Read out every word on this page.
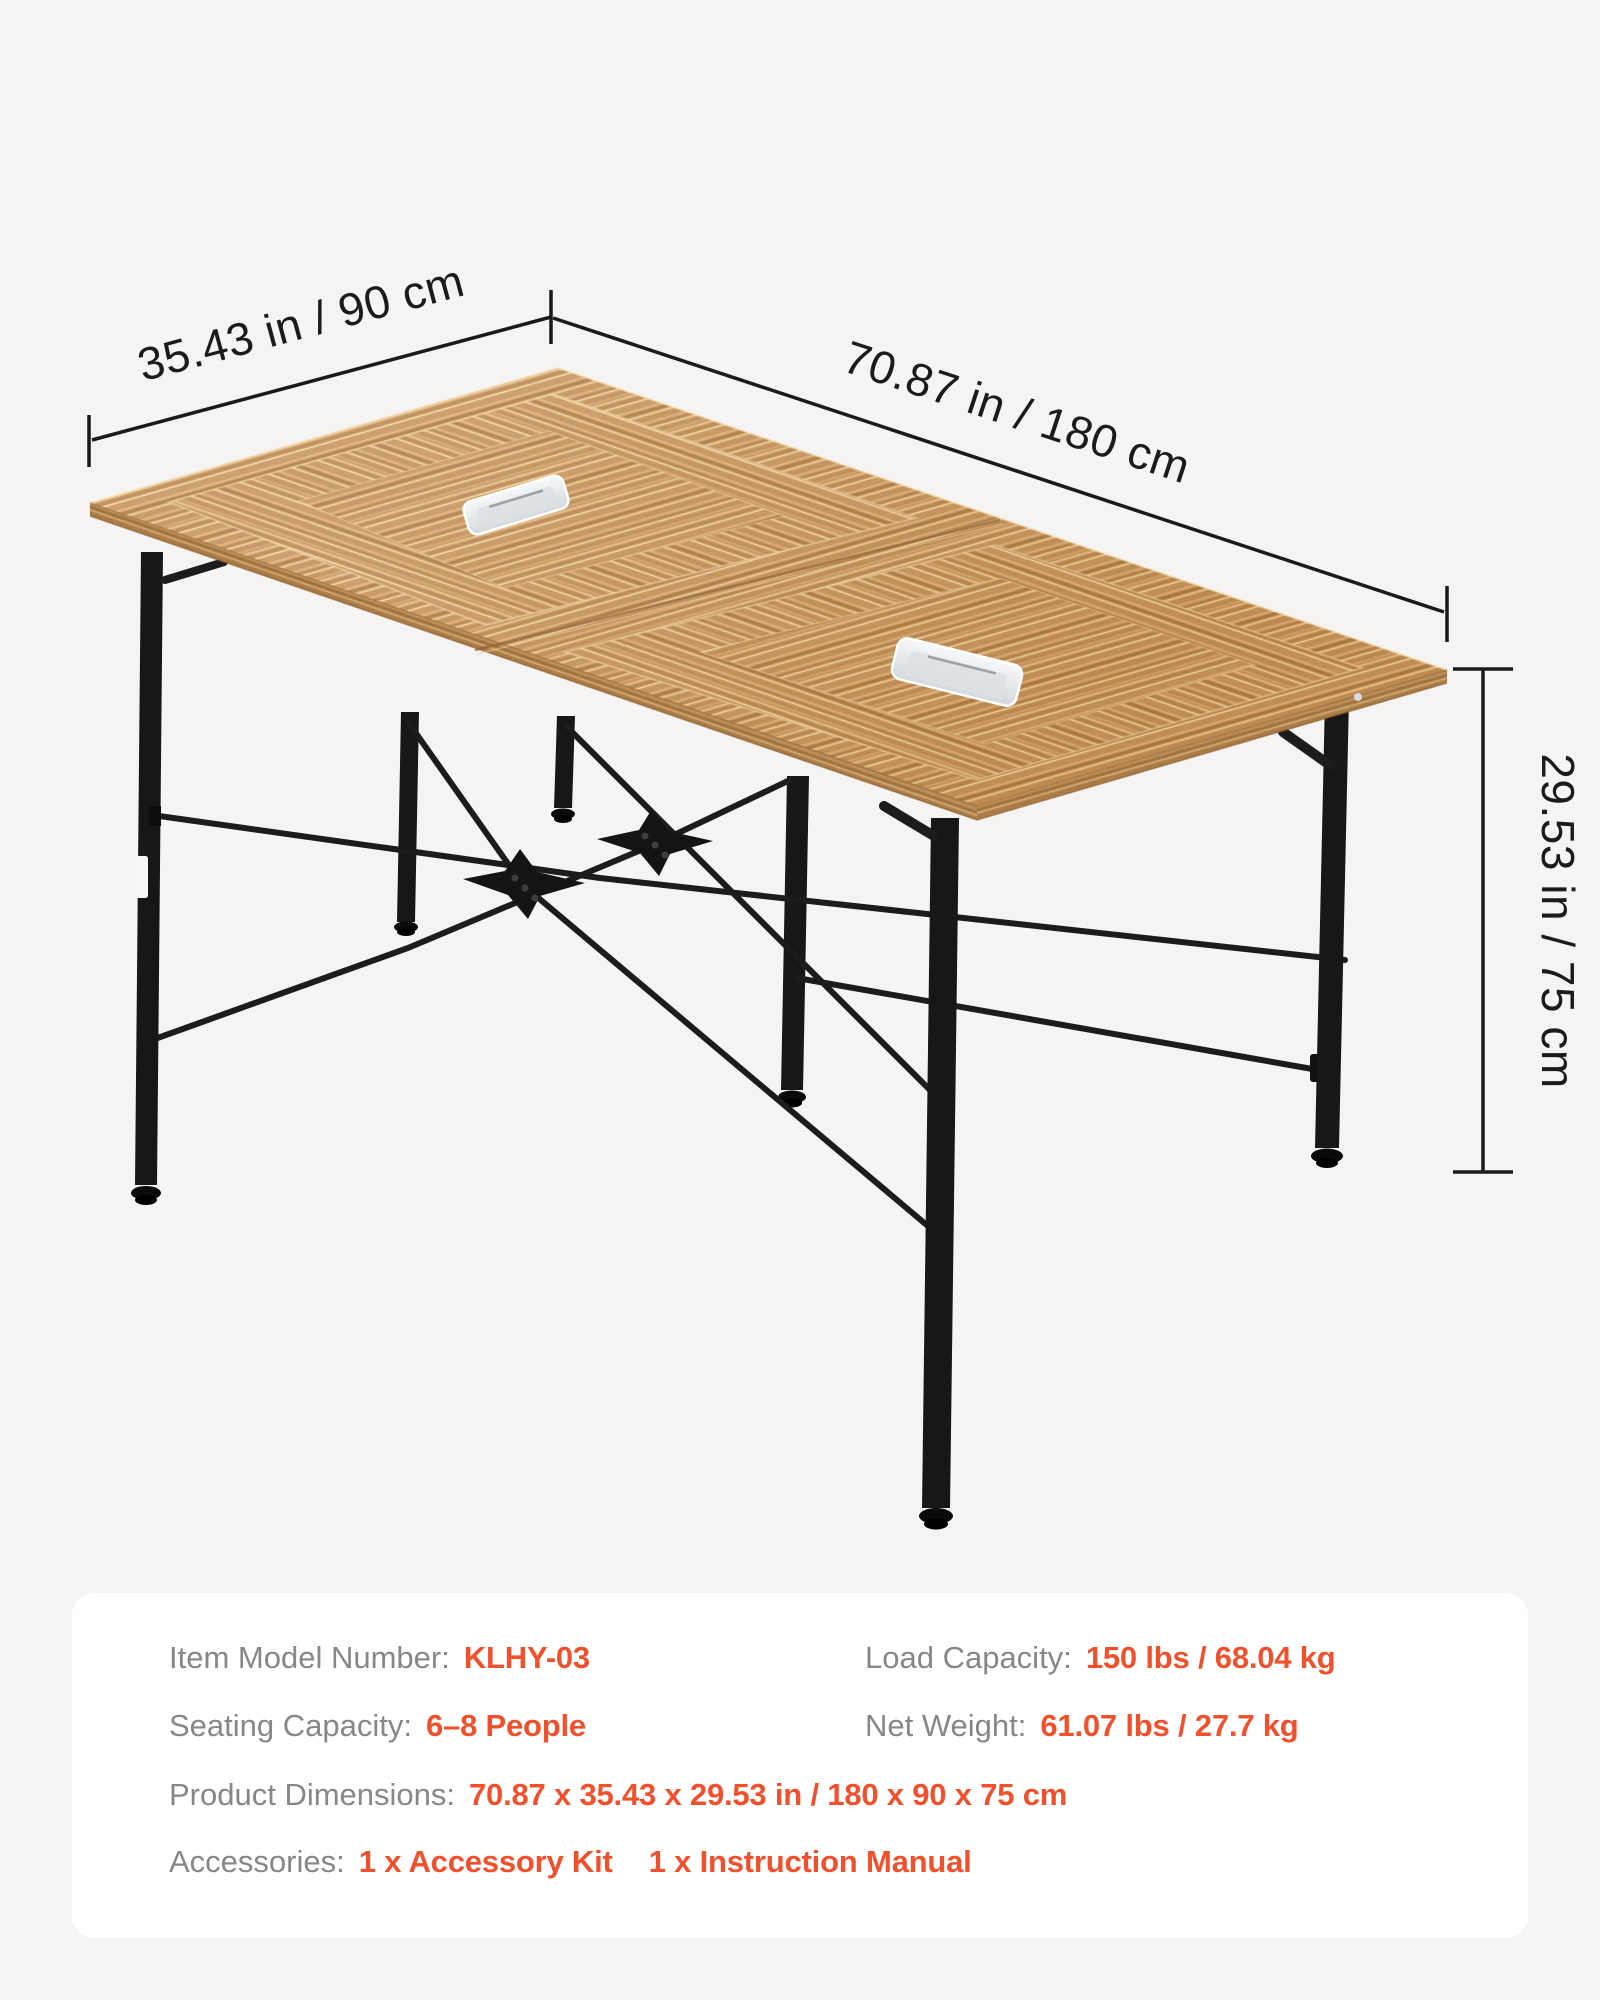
35.43 in / 90 cm
70.87 in / 180 cm
29.53 in / 75 cm
Item Model Number: KLHY-03	Load Capacity: 150 lbs / 68.04 kg
Seating Capacity: 6–8 People	Net Weight: 61.07 lbs / 27.7 kg
Product Dimensions: 70.87 x 35.43 x 29.53 in / 180 x 90 x 75 cm
Accessories: 1 x Accessory Kit 1 x Instruction Manual
